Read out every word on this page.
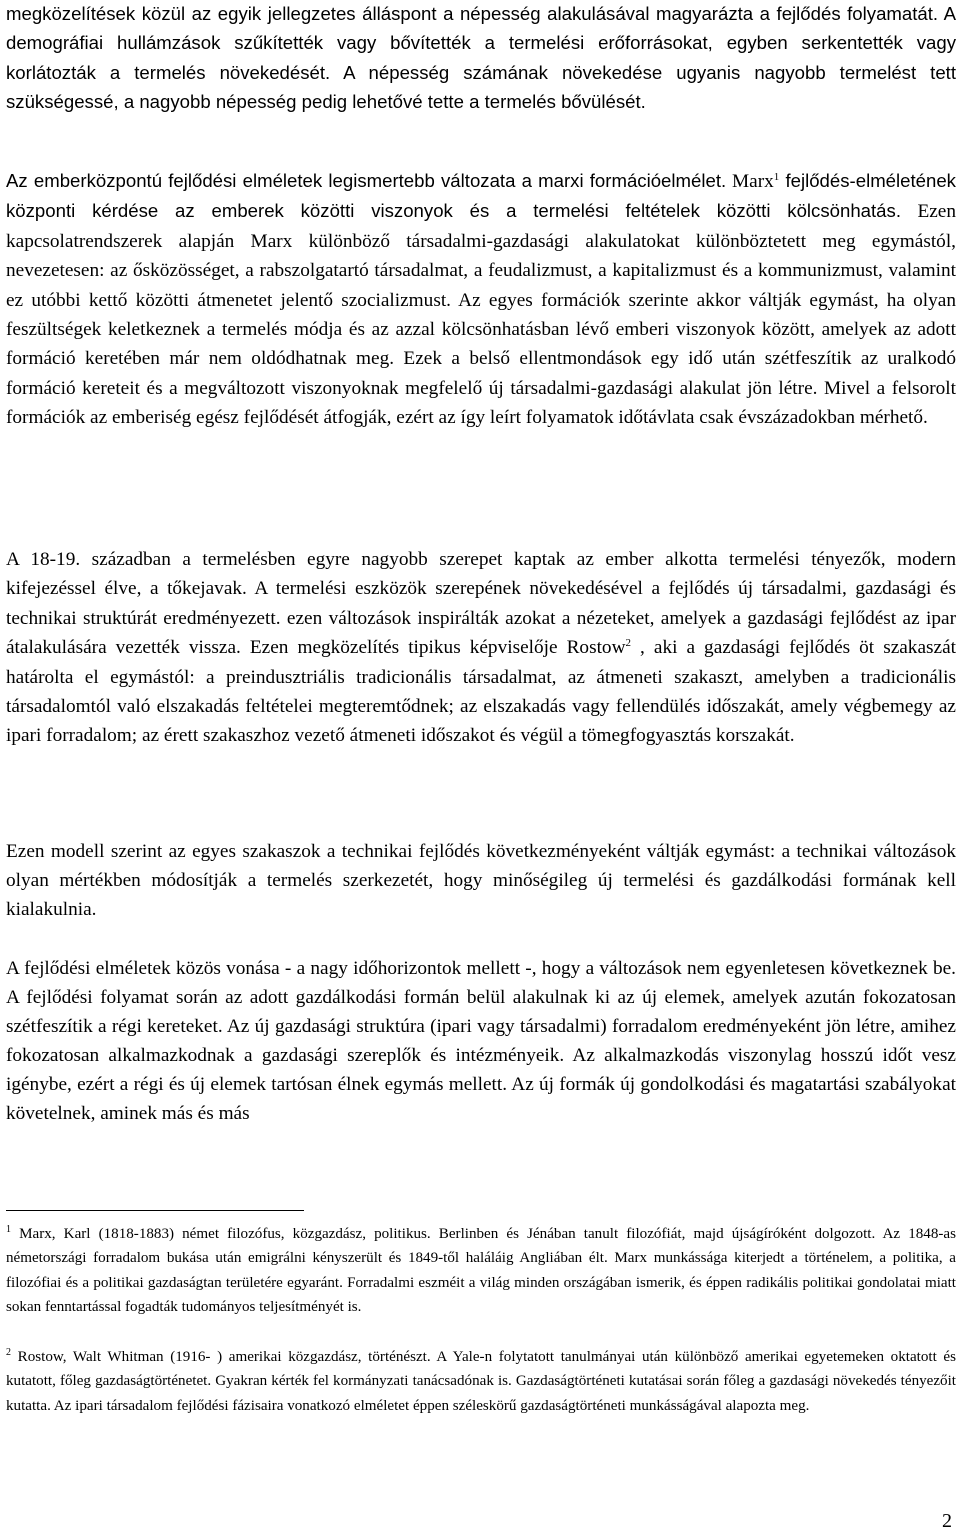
megközelítések közül az egyik jellegzetes álláspont a népesség alakulásával magyarázta a fejlődés folyamatát. A demográfiai hullámzások szűkítették vagy bővítették a termelési erőforrásokat, egyben serkentették vagy korlátozták a termelés növekedését. A népesség számának növekedése ugyanis nagyobb termelést tett szükségessé, a nagyobb népesség pedig lehetővé tette a termelés bővülését.

Az emberközpontú fejlődési elméletek legismertebb változata a marxi formációelmélet. Marx$^1$ fejlődés-elméletének központi kérdése az emberek közötti viszonyok és a termelési feltételek közötti kölcsönhatás. Ezen kapcsolatrendszerek alapján Marx különböző társadalmi-gazdasági alakulatokat különböztetett meg egymástól, nevezetesen: az ősközösséget, a rabszolgatartó társadalmat, a feudalizmust, a kapitalizmust és a kommunizmust, valamint ez utóbbi kettő közötti átmenetet jelentő szocializmust. Az egyes formációk szerinte akkor váltják egymást, ha olyan feszültségek keletkeznek a termelés módja és az azzal kölcsönhatásban lévő emberi viszonyok között, amelyek az adott formáció keretében már nem oldódhatnak meg. Ezek a belső ellentmondások egy idő után szétfeszítik az uralkodó formáció kereteit és a megváltozott viszonyoknak megfelelő új társadalmi-gazdasági alakulat jön létre. Mivel a felsorolt formációk az emberiség egész fejlődését átfogják, ezért az így leírt folyamatok időtávlata csak évszázadokban mérhető.

A 18-19. században a termelésben egyre nagyobb szerepet kaptak az ember alkotta termelési tényezők, modern kifejezéssel élve, a tőkejavak. A termelési eszközök szerepének növekedésével a fejlődés új társadalmi, gazdasági és technikai struktúrát eredményezett. ezen változások inspirálták azokat a nézeteket, amelyek a gazdasági fejlődést az ipar átalakulására vezették vissza. Ezen megközelítés tipikus képviselője Rostow$^2$ , aki a gazdasági fejlődés öt szakaszát határolta el egymástól: a preindusztriális tradicionális társadalmat, az átmeneti szakaszt, amelyben a tradicionális társadalomtól való elszakadás feltételei megteremtődnek; az elszakadás vagy fellendülés időszakát, amely végbemegy az ipari forradalom; az érett szakaszhoz vezető átmeneti időszakot és végül a tömegfogyasztás korszakát.

Ezen modell szerint az egyes szakaszok a technikai fejlődés következményeként váltják egymást: a technikai változások olyan mértékben módosítják a termelés szerkezetét, hogy minőségileg új termelési és gazdálkodási formának kell kialakulnia.

A fejlődési elméletek közös vonása - a nagy időhorizontok mellett -, hogy a változások nem egyenletesen következnek be. A fejlődési folyamat során az adott gazdálkodási formán belül alakulnak ki az új elemek, amelyek azután fokozatosan szétfeszítik a régi kereteket. Az új gazdasági struktúra (ipari vagy társadalmi) forradalom eredményeként jön létre, amihez fokozatosan alkalmazkodnak a gazdasági szereplők és intézményeik. Az alkalmazkodás viszonylag hosszú időt vesz igénybe, ezért a régi és új elemek tartósan élnek egymás mellett. Az új formák új gondolkodási és magatartási szabályokat követelnek, aminek más és más

$^1$ Marx, Karl (1818-1883) német filozófus, közgazdász, politikus. Berlinben és Jénában tanult filozófiát, majd újságíróként dolgozott. Az 1848-as németországi forradalom bukása után emigrálni kényszerült és 1849-től haláláig Angliában élt. Marx munkássága kiterjedt a történelem, a politika, a filozófiai és a politikai gazdaságtan területére egyaránt. Forradalmi eszméit a világ minden országában ismerik, és éppen radikális politikai gondolatai miatt sokan fenntartással fogadták tudományos teljesítményét is.

$^2$ Rostow, Walt Whitman (1916- ) amerikai közgazdász, történészt. A Yale-n folytatott tanulmányai után különböző amerikai egyetemeken oktatott és kutatott, főleg gazdaságtörténetet. Gyakran kérték fel kormányzati tanácsadónak is. Gazdaságtörténeti kutatásai során főleg a gazdasági növekedés tényezőit kutatta. Az ipari társadalom fejlődési fázisaira vonatkozó elméletet éppen széleskörű gazdaságtörténeti munkásságával alapozta meg.

2
